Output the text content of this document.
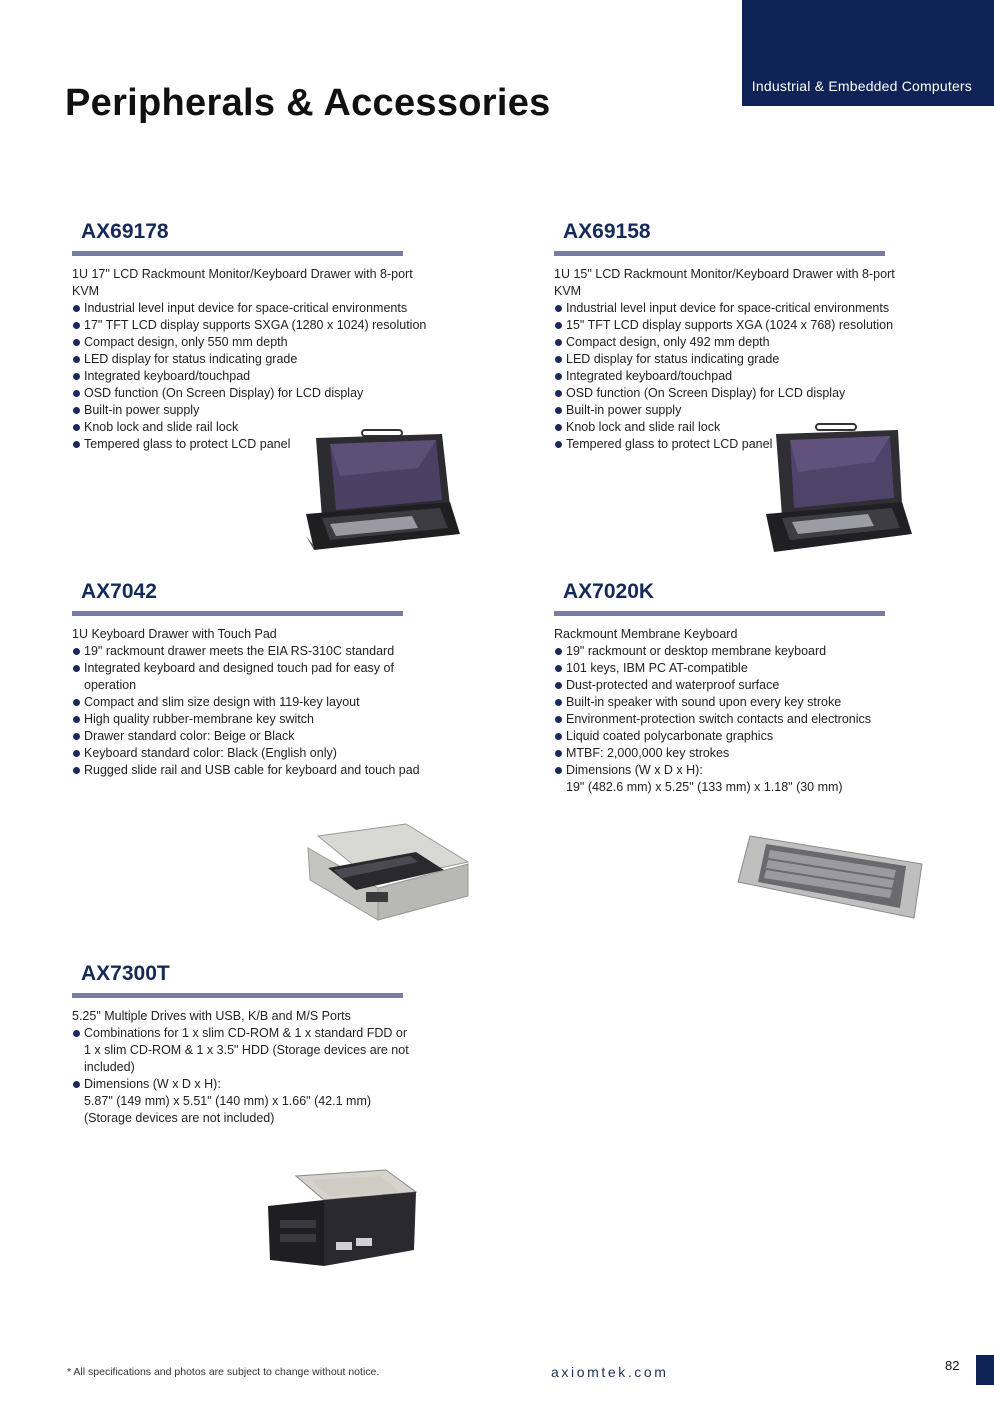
Industrial & Embedded Computers
Peripherals & Accessories
AX69178
1U 17" LCD Rackmount Monitor/Keyboard Drawer with 8-port KVM
Industrial level input device for space-critical environments
17" TFT LCD display supports SXGA (1280 x 1024) resolution
Compact design, only 550 mm depth
LED display for status indicating grade
Integrated keyboard/touchpad
OSD function (On Screen Display) for LCD display
Built-in power supply
Knob lock and slide rail lock
Tempered glass to protect LCD panel
AX69158
1U 15" LCD Rackmount Monitor/Keyboard Drawer with 8-port KVM
Industrial level input device for space-critical environments
15" TFT LCD display supports XGA (1024 x 768) resolution
Compact design, only 492 mm depth
LED display for status indicating grade
Integrated keyboard/touchpad
OSD function (On Screen Display) for LCD display
Built-in power supply
Knob lock and slide rail lock
Tempered glass to protect LCD panel
AX7042
1U Keyboard Drawer with Touch Pad
19" rackmount drawer meets the EIA RS-310C standard
Integrated keyboard and designed touch pad for easy of operation
Compact and slim size design with 119-key layout
High quality rubber-membrane key switch
Drawer standard color: Beige or Black
Keyboard standard color: Black (English only)
Rugged slide rail and USB cable for keyboard and touch pad
AX7020K
Rackmount Membrane Keyboard
19" rackmount or desktop membrane keyboard
101 keys, IBM PC AT-compatible
Dust-protected and waterproof surface
Built-in speaker with sound upon every key stroke
Environment-protection switch contacts and electronics
Liquid coated polycarbonate graphics
MTBF: 2,000,000 key strokes
Dimensions (W x D x H):
19" (482.6 mm) x 5.25" (133 mm) x 1.18" (30 mm)
AX7300T
5.25" Multiple Drives with USB, K/B and M/S Ports
Combinations for 1 x slim CD-ROM & 1 x standard FDD or
1 x slim CD-ROM & 1 x 3.5" HDD (Storage devices are not
included)
Dimensions (W x D x H):
5.87" (149 mm) x 5.51" (140 mm) x 1.66" (42.1 mm)
(Storage devices are not included)
* All specifications and photos are subject to change without notice.	axiomtek.com	82
